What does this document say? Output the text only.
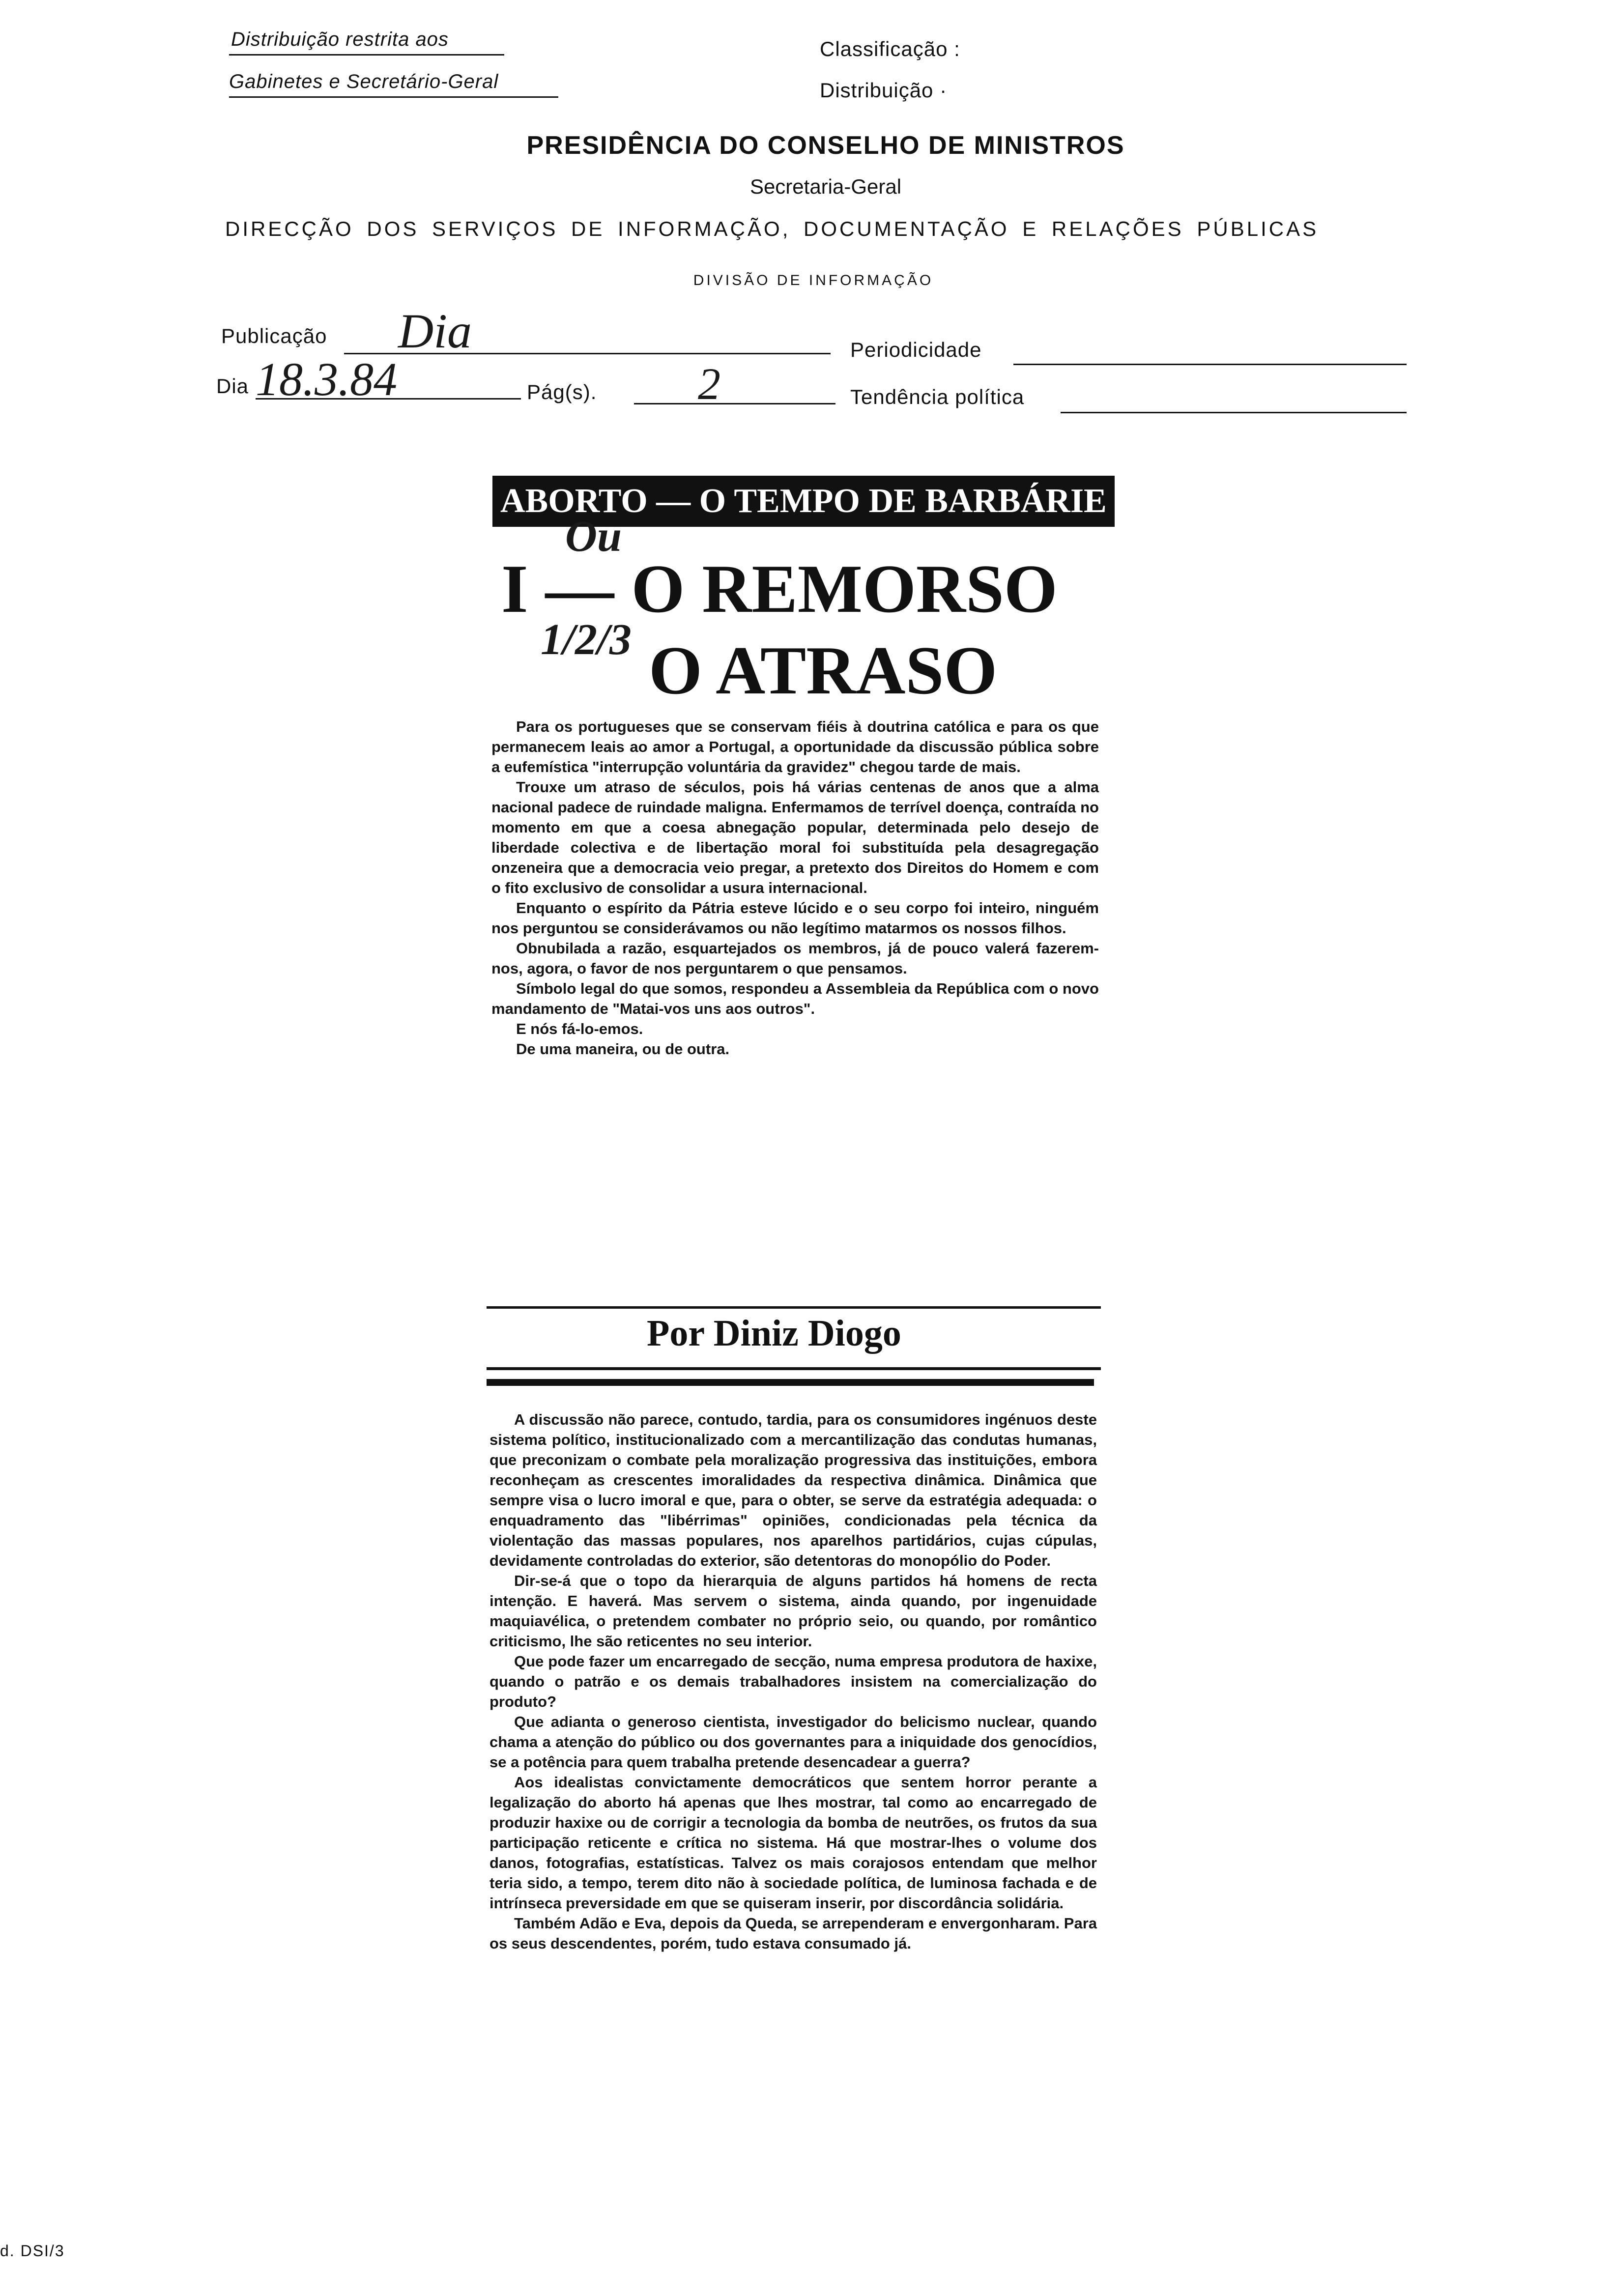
Distribuição restrita aos
Gabinetes e Secretário-Geral
Classificação :
Distribuição ·
PRESIDÊNCIA DO CONSELHO DE MINISTROS
Secretaria-Geral
DIRECÇÃO DOS SERVIÇOS DE INFORMAÇÃO, DOCUMENTAÇÃO E RELAÇÕES PÚBLICAS
DIVISÃO DE INFORMAÇÃO
Publicação Dia	Periodicidade
Dia 18.3.84	Pág(s). 2	Tendência política
ABORTO — O TEMPO DE BARBÁRIE
I — O REMORSO
O ATRASO
Ou
1/2/3

Para os portugueses que se conservam fiéis à doutrina católica e para os que permanecem leais ao amor a Portugal, a oportunidade da discussão pública sobre a eufemística "interrupção voluntária da gravidez" chegou tarde de mais.

Trouxe um atraso de séculos, pois há várias centenas de anos que a alma nacional padece de ruindade maligna. Enfermamos de terrível doença, contraída no momento em que a coesa abnegação popular, determinada pelo desejo de liberdade colectiva e de libertação moral foi substituída pela desagregação onzeneira que a democracia veio pregar, a pretexto dos Direitos do Homem e com o fito exclusivo de consolidar a usura internacional.

Enquanto o espírito da Pátria esteve lúcido e o seu corpo foi inteiro, ninguém nos perguntou se considerávamos ou não legítimo matarmos os nossos filhos.

Obnubilada a razão, esquartejados os membros, já de pouco valerá fazerem-nos, agora, o favor de nos perguntarem o que pensamos.

Símbolo legal do que somos, respondeu a Assembleia da República com o novo mandamento de "Matai-vos uns aos outros".

E nós fá-lo-emos.

De uma maneira, ou de outra.

Por Diniz Diogo

A discussão não parece, contudo, tardia, para os consumidores ingénuos deste sistema político, institucionalizado com a mercantilização das condutas humanas, que preconizam o combate pela moralização progressiva das instituições, embora reconheçam as crescentes imoralidades da respectiva dinâmica. Dinâmica que sempre visa o lucro imoral e que, para o obter, se serve da estratégia adequada: o enquadramento das "libérrimas" opiniões, condicionadas pela técnica da violentação das massas populares, nos aparelhos partidários, cujas cúpulas, devidamente controladas do exterior, são detentoras do monopólio do Poder.

Dir-se-á que o topo da hierarquia de alguns partidos há homens de recta intenção. E haverá. Mas servem o sistema, ainda quando, por ingenuidade maquiavélica, o pretendem combater no próprio seio, ou quando, por romântico criticismo, lhe são reticentes no seu interior.

Que pode fazer um encarregado de secção, numa empresa produtora de haxixe, quando o patrão e os demais trabalhadores insistem na comercialização do produto?

Que adianta o generoso cientista, investigador do belicismo nuclear, quando chama a atenção do público ou dos governantes para a iniquidade dos genocídios, se a potência para quem trabalha pretende desencadear a guerra?

Aos idealistas convictamente democráticos que sentem horror perante a legalização do aborto há apenas que lhes mostrar, tal como ao encarregado de produzir haxixe ou de corrigir a tecnologia da bomba de neutrões, os frutos da sua participação reticente e crítica no sistema. Há que mostrar-lhes o volume dos danos, fotografias, estatísticas. Talvez os mais corajosos entendam que melhor teria sido, a tempo, terem dito não à sociedade política, de luminosa fachada e de intrínseca preversidade em que se quiseram inserir, por discordância solidária.

Também Adão e Eva, depois da Queda, se arrependeram e envergonharam. Para os seus descendentes, porém, tudo estava consumado já.

d. DSI/3
